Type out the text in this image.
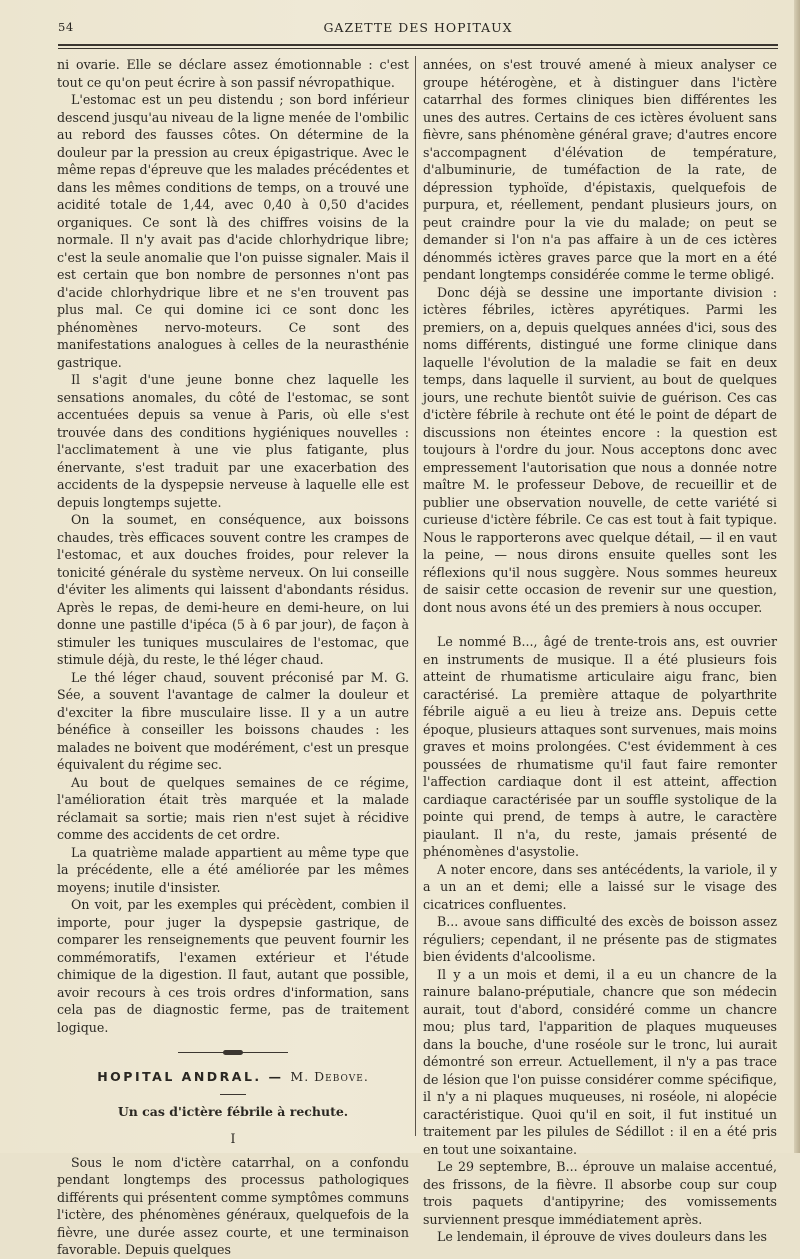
54	GAZETTE DES HOPITAUX

ni ovarie. Elle se déclare assez émotionnable : c'est tout ce qu'on peut écrire à son passif névropathique.

L'estomac est un peu distendu ; son bord inférieur descend jusqu'au niveau de la ligne menée de l'ombilic au rebord des fausses côtes. On détermine de la douleur par la pression au creux épigastrique. Avec le même repas d'épreuve que les malades précédentes et dans les mêmes conditions de temps, on a trouvé une acidité totale de 1,44, avec 0,40 à 0,50 d'acides organiques. Ce sont là des chiffres voisins de la normale. Il n'y avait pas d'acide chlorhydrique libre; c'est la seule anomalie que l'on puisse signaler. Mais il est certain que bon nombre de personnes n'ont pas d'acide chlorhydrique libre et ne s'en trouvent pas plus mal. Ce qui domine ici ce sont donc les phénomènes nervo-moteurs. Ce sont des manifestations analogues à celles de la neurasthénie gastrique.

Il s'agit d'une jeune bonne chez laquelle les sensations anomales, du côté de l'estomac, se sont accentuées depuis sa venue à Paris, où elle s'est trouvée dans des conditions hygiéniques nouvelles : l'acclimatement à une vie plus fatigante, plus énervante, s'est traduit par une exacerbation des accidents de la dyspepsie nerveuse à laquelle elle est depuis longtemps sujette.

On la soumet, en conséquence, aux boissons chaudes, très efficaces souvent contre les crampes de l'estomac, et aux douches froides, pour relever la tonicité générale du système nerveux. On lui conseille d'éviter les aliments qui laissent d'abondants résidus. Après le repas, de demi-heure en demi-heure, on lui donne une pastille d'ipéca (5 à 6 par jour), de façon à stimuler les tuniques musculaires de l'estomac, que stimule déjà, du reste, le thé léger chaud.

Le thé léger chaud, souvent préconisé par M. G. Sée, a souvent l'avantage de calmer la douleur et d'exciter la fibre musculaire lisse. Il y a un autre bénéfice à conseiller les boissons chaudes : les malades ne boivent que modérément, c'est un presque équivalent du régime sec.

Au bout de quelques semaines de ce régime, l'amélioration était très marquée et la malade réclamait sa sortie; mais rien n'est sujet à récidive comme des accidents de cet ordre.

La quatrième malade appartient au même type que la précédente, elle a été améliorée par les mêmes moyens; inutile d'insister.

On voit, par les exemples qui précèdent, combien il importe, pour juger la dyspepsie gastrique, de comparer les renseignements que peuvent fournir les commémoratifs, l'examen extérieur et l'étude chimique de la digestion. Il faut, autant que possible, avoir recours à ces trois ordres d'information, sans cela pas de diagnostic ferme, pas de traitement logique.

HOPITAL ANDRAL. — M. Debove.
Un cas d'ictère fébrile à rechute.
I

Sous le nom d'ictère catarrhal, on a confondu pendant longtemps des processus pathologiques différents qui présentent comme symptômes communs l'ictère, des phénomènes généraux, quelquefois de la fièvre, une durée assez courte, et une terminaison favorable. Depuis quelques

années, on s'est trouvé amené à mieux analyser ce groupe hétérogène, et à distinguer dans l'ictère catarrhal des formes cliniques bien différentes les unes des autres. Certains de ces ictères évoluent sans fièvre, sans phénomène général grave; d'autres encore s'accompagnent d'élévation de température, d'albuminurie, de tuméfaction de la rate, de dépression typhoïde, d'épistaxis, quelquefois de purpura, et, réellement, pendant plusieurs jours, on peut craindre pour la vie du malade; on peut se demander si l'on n'a pas affaire à un de ces ictères dénommés ictères graves parce que la mort en a été pendant longtemps considérée comme le terme obligé.

Donc déjà se dessine une importante division : ictères fébriles, ictères apyrétiques. Parmi les premiers, on a, depuis quelques années d'ici, sous des noms différents, distingué une forme clinique dans laquelle l'évolution de la maladie se fait en deux temps, dans laquelle il survient, au bout de quelques jours, une rechute bientôt suivie de guérison. Ces cas d'ictère fébrile à rechute ont été le point de départ de discussions non éteintes encore : la question est toujours à l'ordre du jour. Nous acceptons donc avec empressement l'autorisation que nous a donnée notre maître M. le professeur Debove, de recueillir et de publier une observation nouvelle, de cette variété si curieuse d'ictère fébrile. Ce cas est tout à fait typique. Nous le rapporterons avec quelque détail, — il en vaut la peine, — nous dirons ensuite quelles sont les réflexions qu'il nous suggère. Nous sommes heureux de saisir cette occasion de revenir sur une question, dont nous avons été un des premiers à nous occuper.

Le nommé B..., âgé de trente-trois ans, est ouvrier en instruments de musique. Il a été plusieurs fois atteint de rhumatisme articulaire aigu franc, bien caractérisé. La première attaque de polyarthrite fébrile aiguë a eu lieu à treize ans. Depuis cette époque, plusieurs attaques sont survenues, mais moins graves et moins prolongées. C'est évidemment à ces poussées de rhumatisme qu'il faut faire remonter l'affection cardiaque dont il est atteint, affection cardiaque caractérisée par un souffle systolique de la pointe qui prend, de temps à autre, le caractère piaulant. Il n'a, du reste, jamais présenté de phénomènes d'asystolie.

A noter encore, dans ses antécédents, la variole, il y a un an et demi; elle a laissé sur le visage des cicatrices confluentes.

B... avoue sans difficulté des excès de boisson assez réguliers; cependant, il ne présente pas de stigmates bien évidents d'alcoolisme.

Il y a un mois et demi, il a eu un chancre de la rainure balano-préputiale, chancre que son médecin aurait, tout d'abord, considéré comme un chancre mou; plus tard, l'apparition de plaques muqueuses dans la bouche, d'une roséole sur le tronc, lui aurait démontré son erreur. Actuellement, il n'y a pas trace de lésion que l'on puisse considérer comme spécifique, il n'y a ni plaques muqueuses, ni roséole, ni alopécie caractéristique. Quoi qu'il en soit, il fut institué un traitement par les pilules de Sédillot : il en a été pris en tout une soixantaine.

Le 29 septembre, B... éprouve un malaise accentué, des frissons, de la fièvre. Il absorbe coup sur coup trois paquets d'antipyrine; des vomissements surviennent presque immédiatement après.

Le lendemain, il éprouve de vives douleurs dans les
